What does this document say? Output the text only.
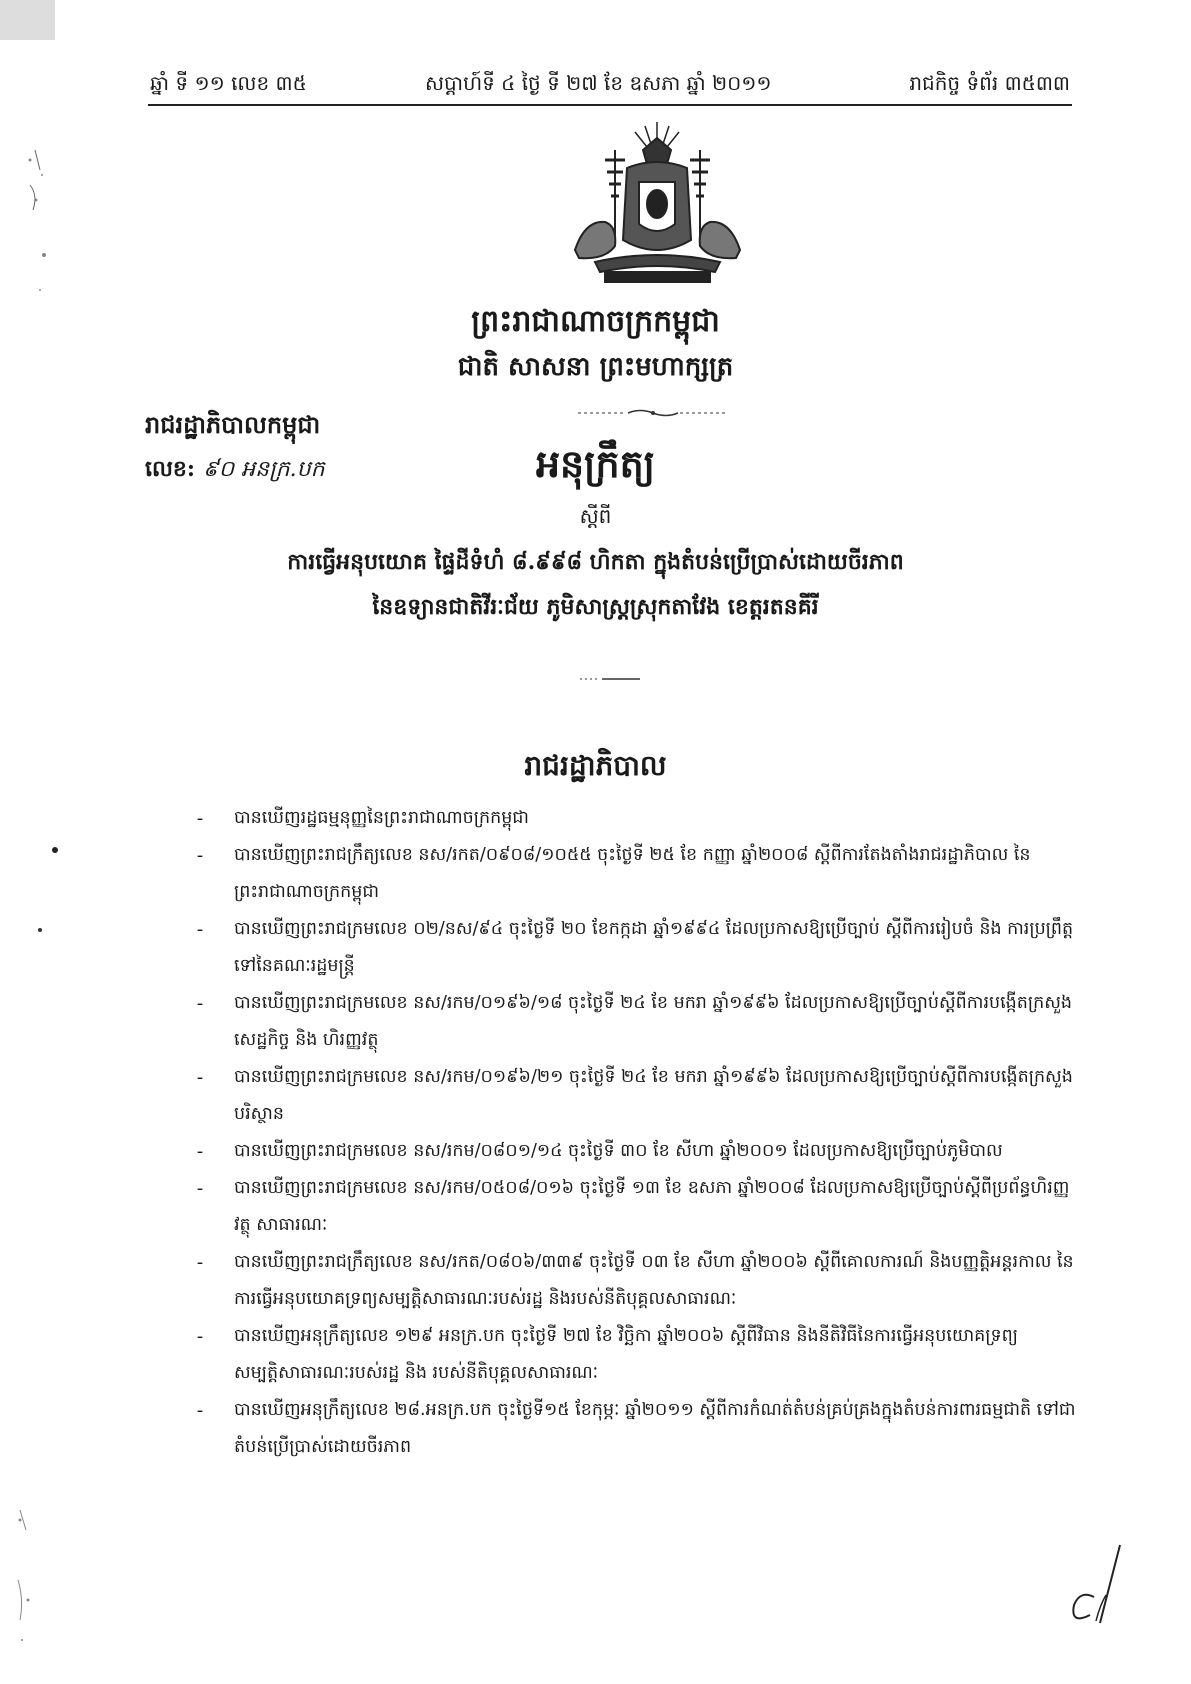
ឆ្នាំ ទី ១១ លេខ ៣៥	សប្តាហ៍ទី ៤ ថ្ងៃ ទី ២៧ ខែ ឧសភា ឆ្នាំ ២០១១	រាជកិច្ច ទំព័រ ៣៥៣៣
ព្រះរាជាណាចក្រកម្ពុជា
ជាតិ សាសនា ព្រះមហាក្សត្រ
រាជរដ្ឋាភិបាលកម្ពុជា
លេខ: ៩០ អនក្រ.បក	អនុក្រឹត្យ
ស្តីពី
ការធ្វើអនុបយោគ ផ្ទៃដីទំហំ ៨.៩៩៨ ហិកតា ក្នុងតំបន់ប្រើប្រាស់ដោយចីរភាព
នៃឧទ្យានជាតិវីរៈជ័យ ភូមិសាស្ត្រស្រុកតាវែង ខេត្តរតនគីរី
រាជរដ្ឋាភិបាល
-	បានឃើញរដ្ឋធម្មនុញ្ញនៃព្រះរាជាណាចក្រកម្ពុជា
-	បានឃើញព្រះរាជក្រឹត្យលេខ នស/រកត/០៩០៨/១០៥៥ ចុះថ្ងៃទី ២៥ ខែ កញ្ញា ឆ្នាំ២០០៨ ស្តីពីការតែងតាំងរាជរដ្ឋាភិបាល នៃព្រះរាជាណាចក្រកម្ពុជា
-	បានឃើញព្រះរាជក្រមលេខ ០២/នស/៩៤ ចុះថ្ងៃទី ២០ ខែកក្កដា ឆ្នាំ១៩៩៤ ដែលប្រកាសឱ្យប្រើច្បាប់ ស្តីពីការរៀបចំ និង ការប្រព្រឹត្តទៅនៃគណៈរដ្ឋមន្ត្រី
-	បានឃើញព្រះរាជក្រមលេខ នស/រកម/០១៩៦/១៨ ចុះថ្ងៃទី ២៤ ខែ មករា ឆ្នាំ១៩៩៦ ដែលប្រកាសឱ្យប្រើច្បាប់ស្តីពីការបង្កើតក្រសួងសេដ្ឋកិច្ច និង ហិរញ្ញវត្ថុ
-	បានឃើញព្រះរាជក្រមលេខ នស/រកម/០១៩៦/២១ ចុះថ្ងៃទី ២៤ ខែ មករា ឆ្នាំ១៩៩៦ ដែលប្រកាសឱ្យប្រើច្បាប់ស្តីពីការបង្កើតក្រសួងបរិស្ថាន
-	បានឃើញព្រះរាជក្រមលេខ នស/រកម/០៨០១/១៤ ចុះថ្ងៃទី ៣០ ខែ សីហា ឆ្នាំ២០០១ ដែលប្រកាសឱ្យប្រើច្បាប់ភូមិបាល
-	បានឃើញព្រះរាជក្រមលេខ នស/រកម/០៥០៨/០១៦ ចុះថ្ងៃទី ១៣ ខែ ឧសភា ឆ្នាំ២០០៨ ដែលប្រកាសឱ្យប្រើច្បាប់ស្តីពីប្រព័ន្ធហិរញ្ញវត្ថុ សាធារណៈ
-	បានឃើញព្រះរាជក្រឹត្យលេខ នស/រកត/០៨០៦/៣៣៩ ចុះថ្ងៃទី ០៣ ខែ សីហា ឆ្នាំ២០០៦ ស្តីពីគោលការណ៍ និងបញ្ញត្តិអន្តរកាល នៃការធ្វើអនុបយោគទ្រព្យសម្បត្តិសាធារណៈរបស់រដ្ឋ និងរបស់នីតិបុគ្គលសាធារណៈ
-	បានឃើញអនុក្រឹត្យលេខ ១២៩ អនក្រ.បក ចុះថ្ងៃទី ២៧ ខែ វិច្ឆិកា ឆ្នាំ២០០៦ ស្តីពីវិធាន និងនីតិវិធីនៃការធ្វើអនុបយោគទ្រព្យសម្បត្តិសាធារណៈរបស់រដ្ឋ និង របស់នីតិបុគ្គលសាធារណៈ
-	បានឃើញអនុក្រឹត្យលេខ ២៨.អនក្រ.បក ចុះថ្ងៃទី១៥ ខែកុម្ភៈ ឆ្នាំ២០១១ ស្តីពីការកំណត់តំបន់គ្រប់គ្រងក្នុងតំបន់ការពារធម្មជាតិ ទៅជាតំបន់ប្រើប្រាស់ដោយចីរភាព
